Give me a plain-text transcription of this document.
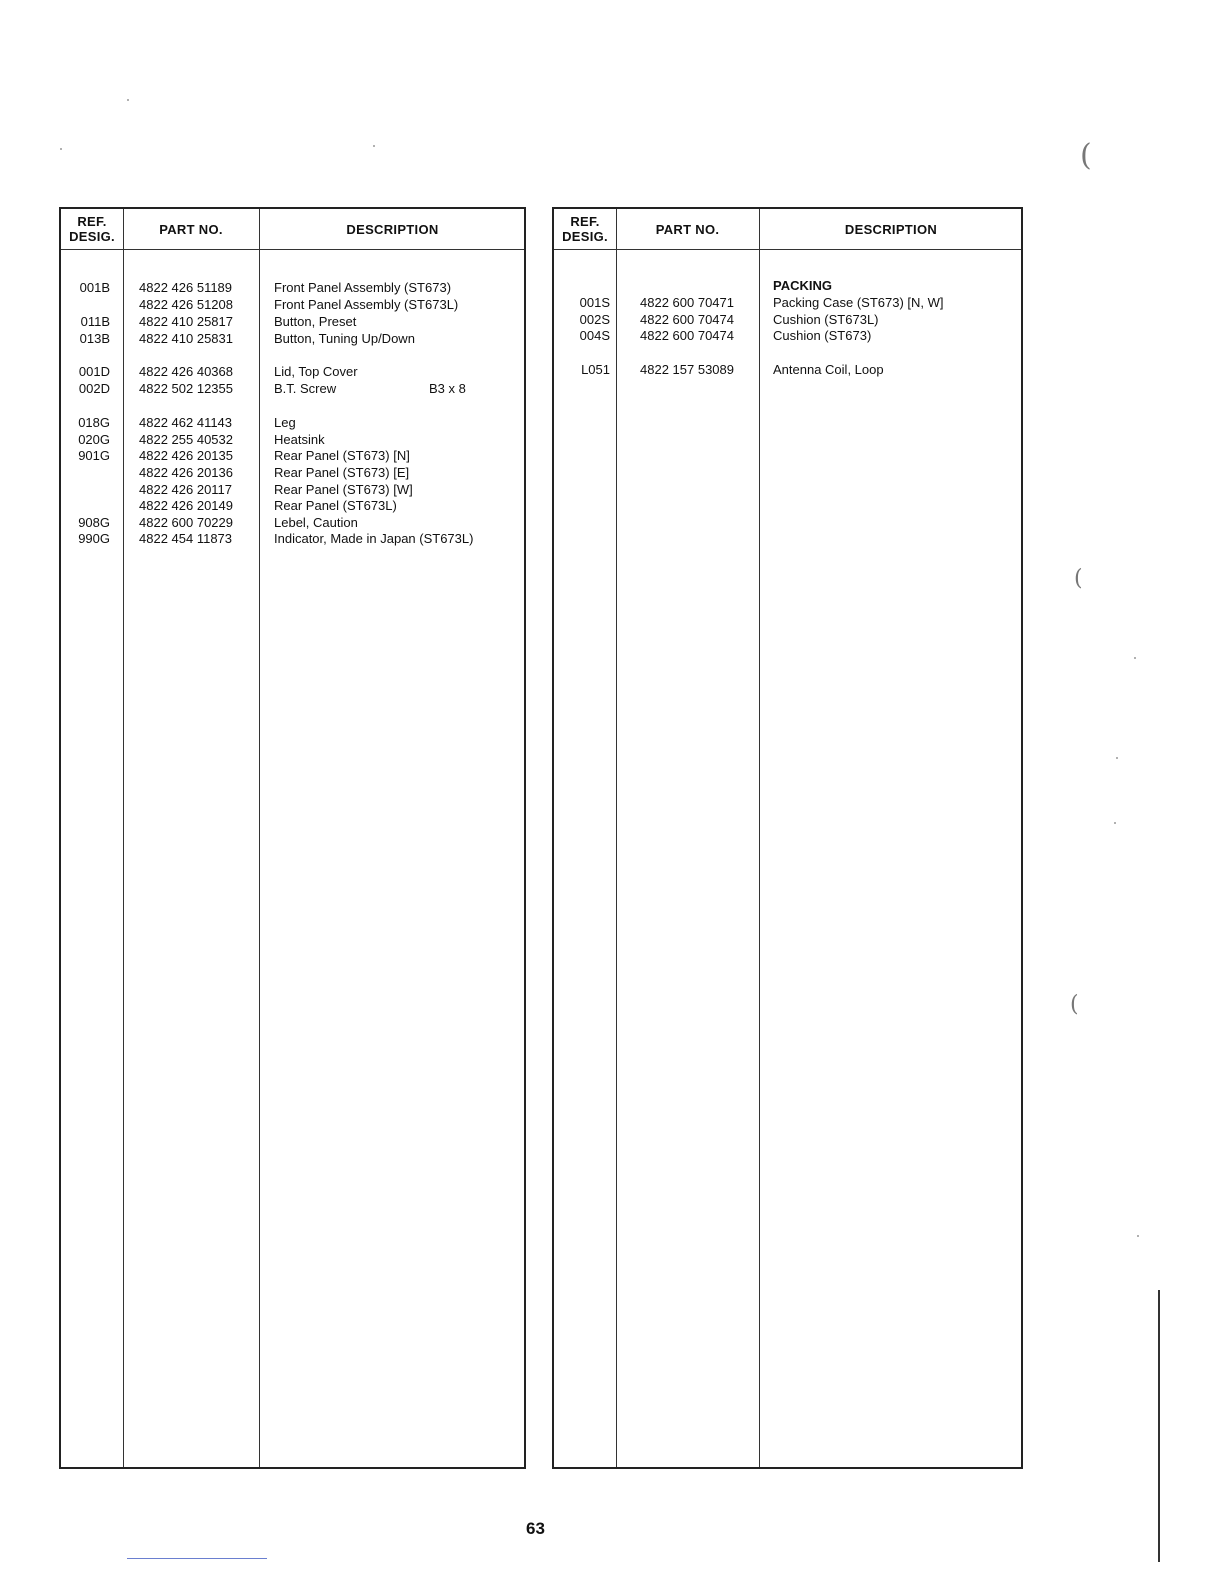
REF.
DESIG.	PART NO.	DESCRIPTION
001B 4822 426 51189	Front Panel Assembly (ST673)
4822 426 51208	Front Panel Assembly (ST673L)
011B 4822 410 25817	Button, Preset
013B 4822 410 25831	Button, Tuning Up/Down
001D 4822 426 40368	Lid, Top Cover
002D 4822 502 12355	B.T. Screw	B3 x 8
018G 4822 462 41143	Leg
020G 4822 255 40532	Heatsink
901G 4822 426 20135	Rear Panel (ST673) [N]
4822 426 20136	Rear Panel (ST673) [E]
4822 426 20117	Rear Panel (ST673) [W]
4822 426 20149	Rear Panel (ST673L)
908G 4822 600 70229	Lebel, Caution
990G 4822 454 11873	Indicator, Made in Japan (ST673L)
REF.
DESIG.	PART NO.	DESCRIPTION
PACKING
001S 4822 600 70471	Packing Case (ST673) [N, W]
002S 4822 600 70474	Cushion (ST673L)
004S 4822 600 70474	Cushion (ST673)
L051 4822 157 53089	Antenna Coil, Loop
63
(
(
(
